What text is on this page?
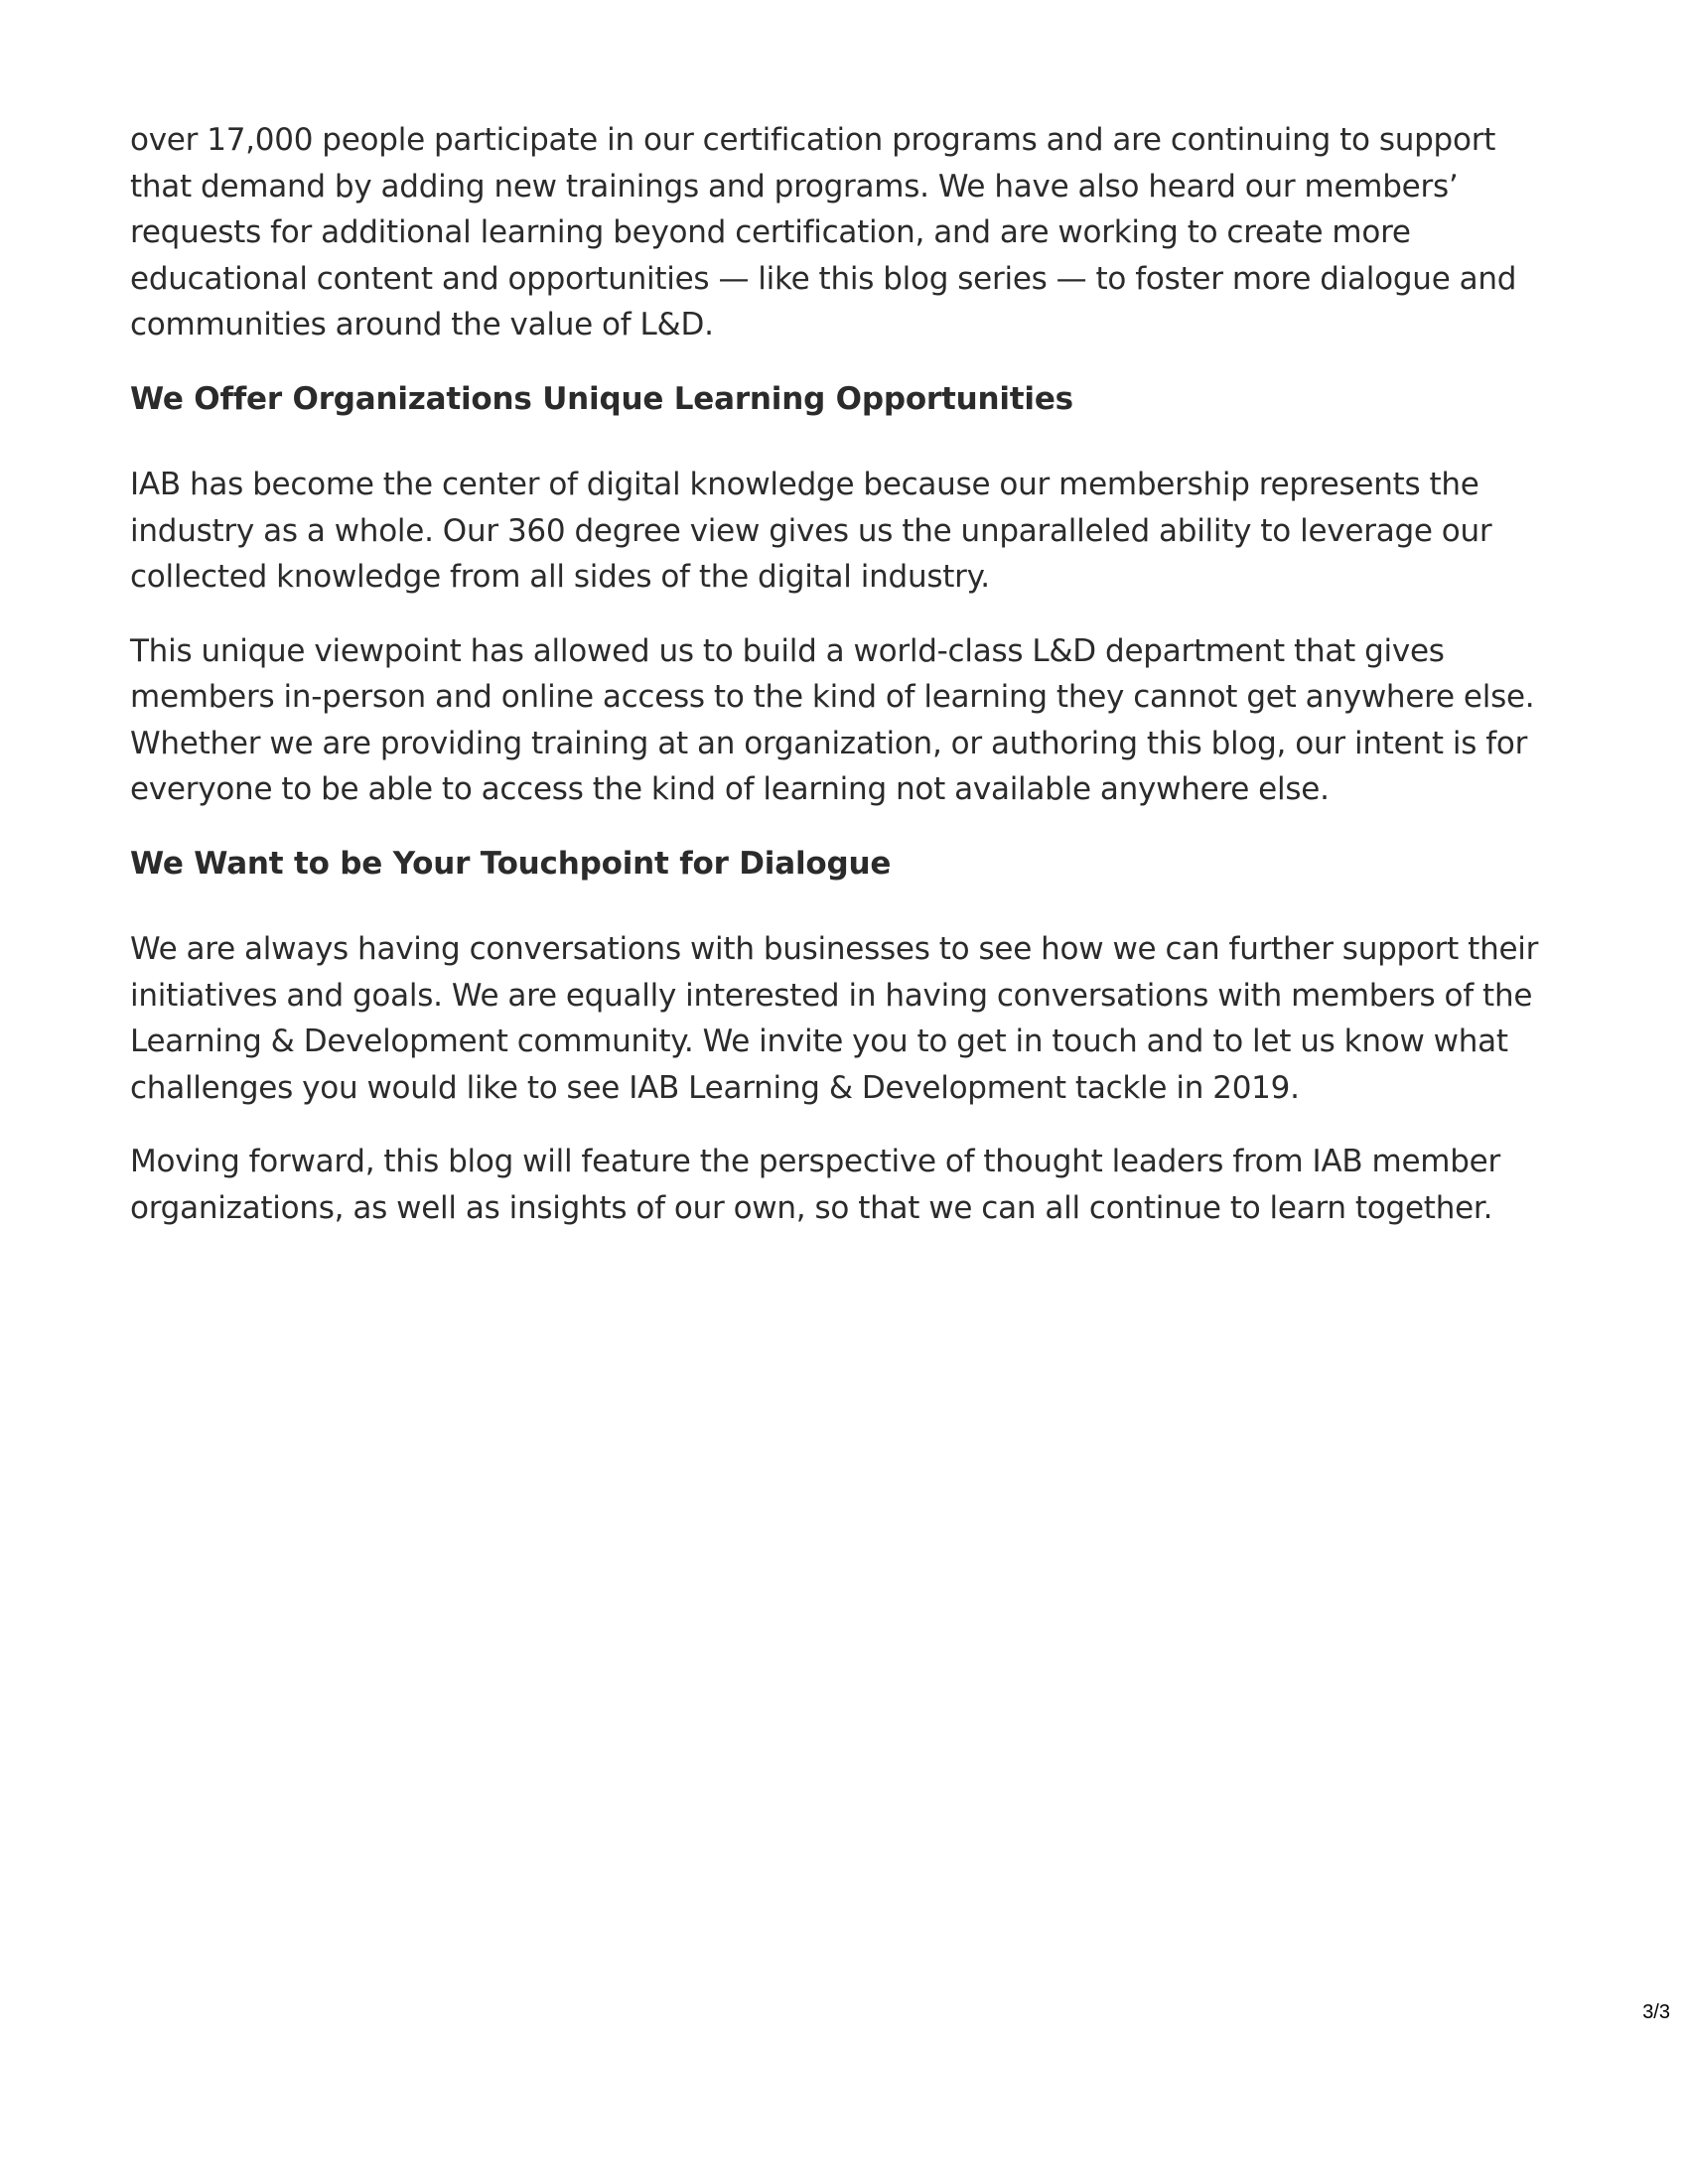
over 17,000 people participate in our certification programs and are continuing to support that demand by adding new trainings and programs. We have also heard our members’ requests for additional learning beyond certification, and are working to create more educational content and opportunities — like this blog series — to foster more dialogue and communities around the value of L&D.

We Offer Organizations Unique Learning Opportunities

IAB has become the center of digital knowledge because our membership represents the industry as a whole. Our 360 degree view gives us the unparalleled ability to leverage our collected knowledge from all sides of the digital industry.

This unique viewpoint has allowed us to build a world-class L&D department that gives members in-person and online access to the kind of learning they cannot get anywhere else. Whether we are providing training at an organization, or authoring this blog, our intent is for everyone to be able to access the kind of learning not available anywhere else.

We Want to be Your Touchpoint for Dialogue

We are always having conversations with businesses to see how we can further support their initiatives and goals. We are equally interested in having conversations with members of the Learning & Development community. We invite you to get in touch and to let us know what challenges you would like to see IAB Learning & Development tackle in 2019.

Moving forward, this blog will feature the perspective of thought leaders from IAB member organizations, as well as insights of our own, so that we can all continue to learn together.

3/3
